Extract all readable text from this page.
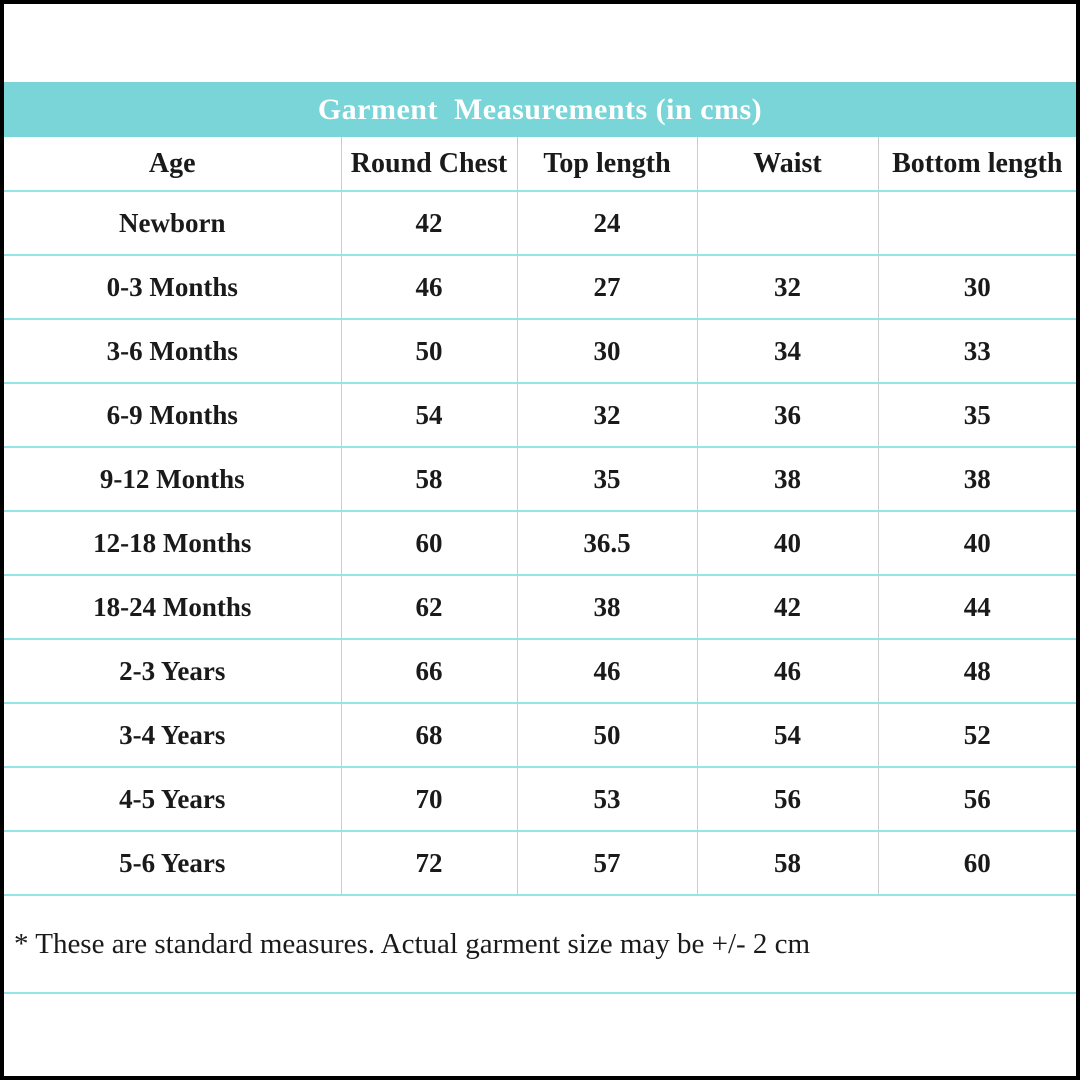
Garment  Measurements (in cms)
Age	Round Chest	Top length	Waist	Bottom length
Newborn	42	24		
0-3 Months	46	27	32	30
3-6 Months	50	30	34	33
6-9 Months	54	32	36	35
9-12 Months	58	35	38	38
12-18 Months	60	36.5	40	40
18-24 Months	62	38	42	44
2-3 Years	66	46	46	48
3-4 Years	68	50	54	52
4-5 Years	70	53	56	56
5-6 Years	72	57	58	60
* These are standard measures. Actual garment size may be +/- 2 cm
